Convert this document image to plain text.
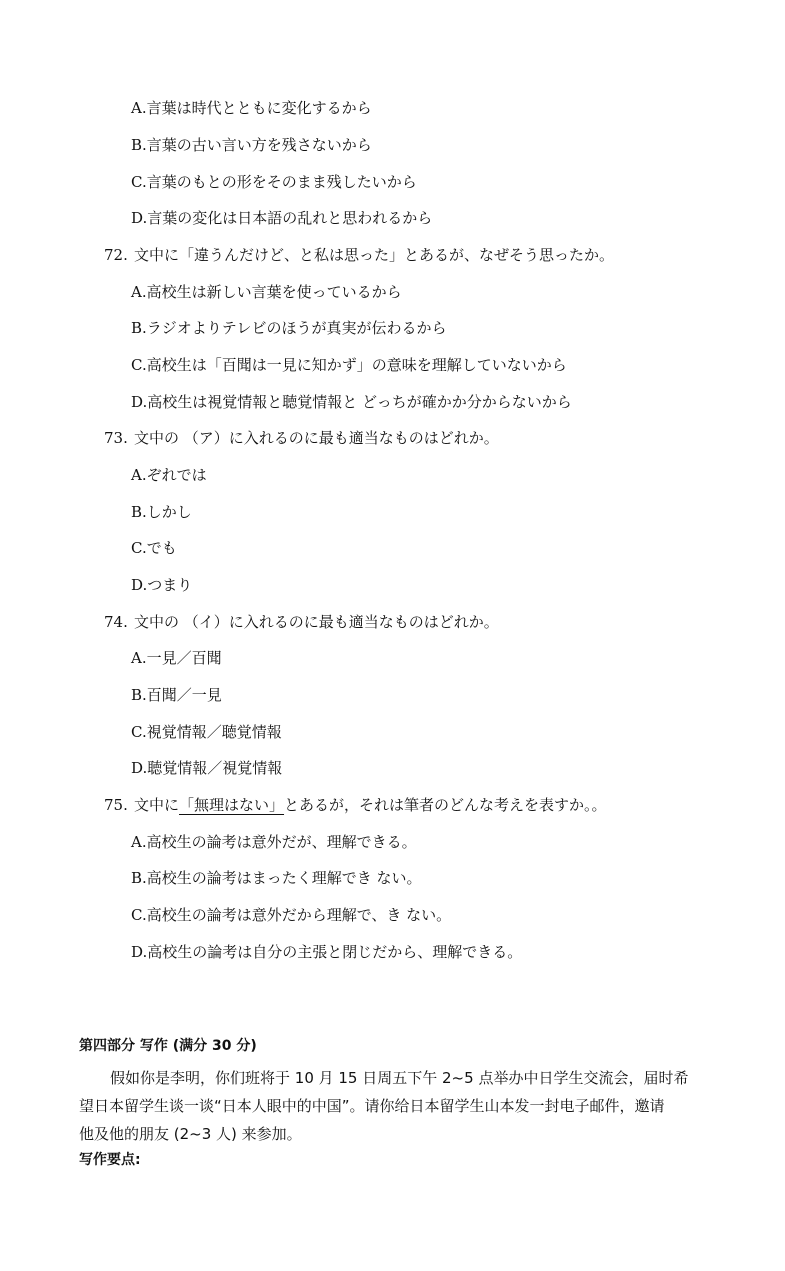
A.言葉は時代とともに変化するから
B.言葉の古い言い方を残さないから
C.言葉のもとの形をそのまま残したいから
D.言葉の変化は日本語の乱れと思われるから
72. 文中に「違うんだけど、と私は思った」とあるが、なぜそう思ったか。
A.高校生は新しい言葉を使っているから
B.ラジオよりテレビのほうが真実が伝わるから
C.高校生は「百聞は一見に知かず」の意味を理解していないから
D.高校生は視覚情報と聴覚情報と どっちが確かか分からないから
73. 文中の （ア）に入れるのに最も適当なものはどれか。
A.ぞれでは
B.しかし
C.でも
D.つまり
74. 文中の （イ）に入れるのに最も適当なものはどれか。
A.一見／百聞
B.百聞／一見
C.視覚情報／聴覚情報
D.聴覚情報／視覚情報
75. 文中に「無理はない」とあるが，それは筆者のどんな考えを表すか。。
A.高校生の論考は意外だが、理解できる。
B.高校生の論考はまったく理解でき ない。
C.高校生の論考は意外だから理解で、き ない。
D.高校生の論考は自分の主張と閉じだから、理解できる。
第四部分 写作 (满分 30 分)
假如你是李明，你们班将于 10 月 15 日周五下午 2~5 点举办中日学生交流会，届时希
望日本留学生谈一谈“日本人眼中的中国”。请你给日本留学生山本发一封电子邮件，邀请
他及他的朋友 (2~3 人) 来参加。
写作要点:
